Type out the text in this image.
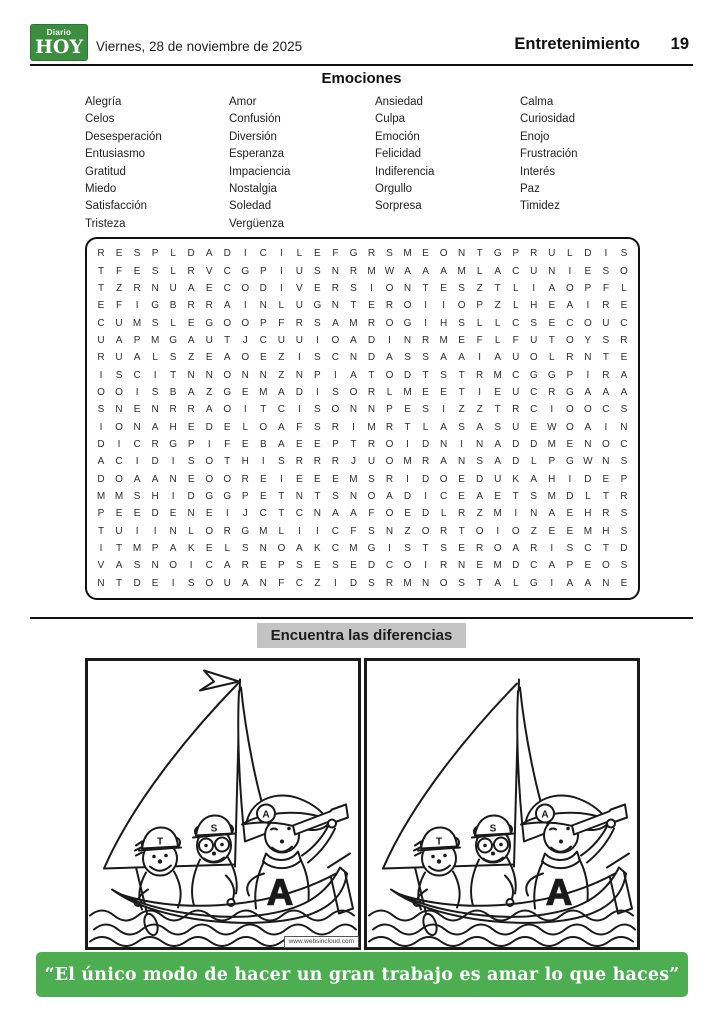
Diario
HOY Viernes, 28 de noviembre de 2025	Entretenimiento 19
Emociones
Alegría
Celos
Desesperación
Entusiasmo
Gratitud
Miedo
Satisfacción
Tristeza
Amor
Confusión
Diversión
Esperanza
Impaciencia
Nostalgia
Soledad
Vergüenza
Ansiedad
Culpa
Emoción
Felicidad
Indiferencia
Orgullo
Sorpresa
Calma
Curiosidad
Enojo
Frustración
Interés
Paz
Timidez
R	E	S	P	L	D	A	D	I	C	I	L	E	F	G	R	S	M	E	O	N	T	G	P	R	U	L	D	I	S
T	F	E	S	L	R	V	C	G	P	I	U	S	N	R	M W A	A	A	M	L	A	C	U	N	I	E	S	O
T	Z	R	N	U	A	E	C	O	D	I	V	E	R	S	I	O	N	T	E	S	Z	T	L	I	A	O	P	F	L
E	F	I	G	B	R	R	A	I	N	L	U	G	N	T	E	R	O	I	I	O	P	Z	L	H	E	A	I	R	E
C	U	M	S	L	E	G	O	O	P	F	R	S	A	M	R	O	G	I	H	S	L	L	C	S	E	C	O	U	C
U	A	P	M G	A	U	T	J	C	U	U	I	O	A	D	I	N	R	M	E	F	L	F	U	T	O	Y	S	R
R	U	A	L	S	Z	E	A	O	E	Z	I	S	C	N	D	A	S	S	A	A	I	A	U	O	L	R	N	T	E
I	S	C	I	T	N	N	O	N	N	Z	N	P	I	A	T	O	D	T	S	T	R	M	C	G	G	P	I	R	A
O	O	I	S	B	A	Z	G	E	M	A	D	I	S	O	R	L	M	E	E	T	I	E	U	C	R	G	A	A	A
S	N	E	N	R	R	A	O	I	T	C	I	S	O	N	N	P	E	S	I	Z	Z	T	R	C	I	O	O	C	S
I	O	N	A	H	E	D	E	L	O	A	F	S	R	I	M	R	T	L	A	S	A	S	U	E W O	A	I	N
D	I	C	R	G	P	I	F	E	B	A	E	E	P	T	R	O	I	D	N	I	N	A	D	D	M	E	N	O	C
A	C	I	D	I	S	O	T	H	I	S	R	R	R	J	U	O M	R	A	N	S	A	D	L	P	G W N	S
D	O	A	A	N	E	O	O	R	E	I	E	E	E	M	S	R	I	D	O	E	D	U	K	A	H	I	D	E	P
M M	S	H	I	D	G	G	P	E	T	N	T	S	N	O	A	D	I	C	E	A	E	T	S	M	D	L	T	R
P	E	E	D	E	N	E	I	J	C	T	C	N	A	A	F	O	E	D	L	R	Z	M	I	N	A	E	H	R	S
T	U	I	I	N	L	O	R	G M	L	I	I	C	F	S	N	Z	O	R	T	O	I	O	Z	E	E	M	H	S
I	T	M	P	A	K	E	L	S	N	O	A	K	C	M G	I	S	T	S	E	R	O	A	R	I	S	C	T	D
V	A	S	N	O	I	C	A	R	E	P	S	E	S	E	D	C	O	I	R	N	E	M	D	C	A	P	E	O	S
N	T	D	E	I	S	O	U	A	N	F	C	Z	I	D	S	R	M	N	O	S	T	A	L	G	I	A	A	N	E
Encuentra las diferencias
T
S
A
A
www.websincloud.com
T
S
A
A
“El único modo de hacer un gran trabajo es amar lo que haces”
